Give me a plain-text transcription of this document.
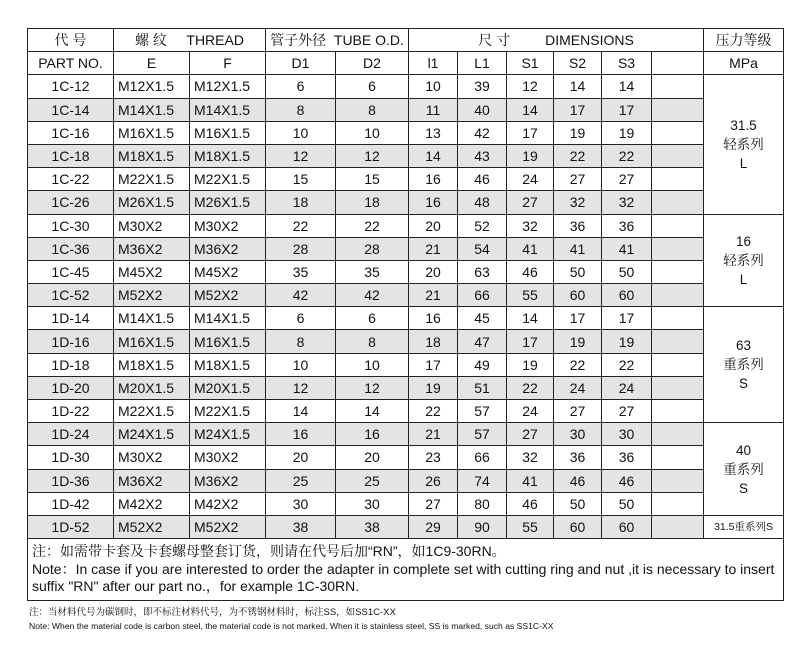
代 号	螺 纹 THREAD		管子外径 TUBE O.D.		尺 寸 DIMENSIONS						压力等级
PART NO.	E	F	D1	D2	l1	L1	S1	S2	S3		MPa
1C-12	M12X1.5	M12X1.5	6	6	10	39	12	14	14		31.5
轻系列
L
1C-14	M14X1.5	M14X1.5	8	8	11	40	14	17	17		
1C-16	M16X1.5	M16X1.5	10	10	13	42	17	19	19		
1C-18	M18X1.5	M18X1.5	12	12	14	43	19	22	22		
1C-22	M22X1.5	M22X1.5	15	15	16	46	24	27	27		
1C-26	M26X1.5	M26X1.5	18	18	16	48	27	32	32		
1C-30	M30X2	M30X2	22	22	20	52	32	36	36		16
轻系列
L
1C-36	M36X2	M36X2	28	28	21	54	41	41	41		
1C-45	M45X2	M45X2	35	35	20	63	46	50	50		
1C-52	M52X2	M52X2	42	42	21	66	55	60	60		
1D-14	M14X1.5	M14X1.5	6	6	16	45	14	17	17		63
重系列
S
1D-16	M16X1.5	M16X1.5	8	8	18	47	17	19	19		
1D-18	M18X1.5	M18X1.5	10	10	17	49	19	22	22		
1D-20	M20X1.5	M20X1.5	12	12	19	51	22	24	24		
1D-22	M22X1.5	M22X1.5	14	14	22	57	24	27	27		
1D-24	M24X1.5	M24X1.5	16	16	21	57	27	30	30		40
重系列
S
1D-30	M30X2	M30X2	20	20	23	66	32	36	36		
1D-36	M36X2	M36X2	25	25	26	74	41	46	46		
1D-42	M42X2	M42X2	30	30	27	80	46	50	50		
1D-52	M52X2	M52X2	38	38	29	90	55	60	60		31.5重系列S

注：如需带卡套及卡套螺母整套订货，则请在代号后加“RN”，如1C9-30RN。
Note：In case if you are interested to order the adapter in complete set with cutting ring and nut ,it is necessary to insert suffix "RN" after our part no.，for example 1C-30RN.											
注：当材料代号为碳钢时，即不标注材料代号，为不锈钢材料时，标注SS，如SS1C-XX
Note: When the material code is carbon steel, the material code is not marked. When it is stainless steel, SS is marked, such as SS1C-XX
